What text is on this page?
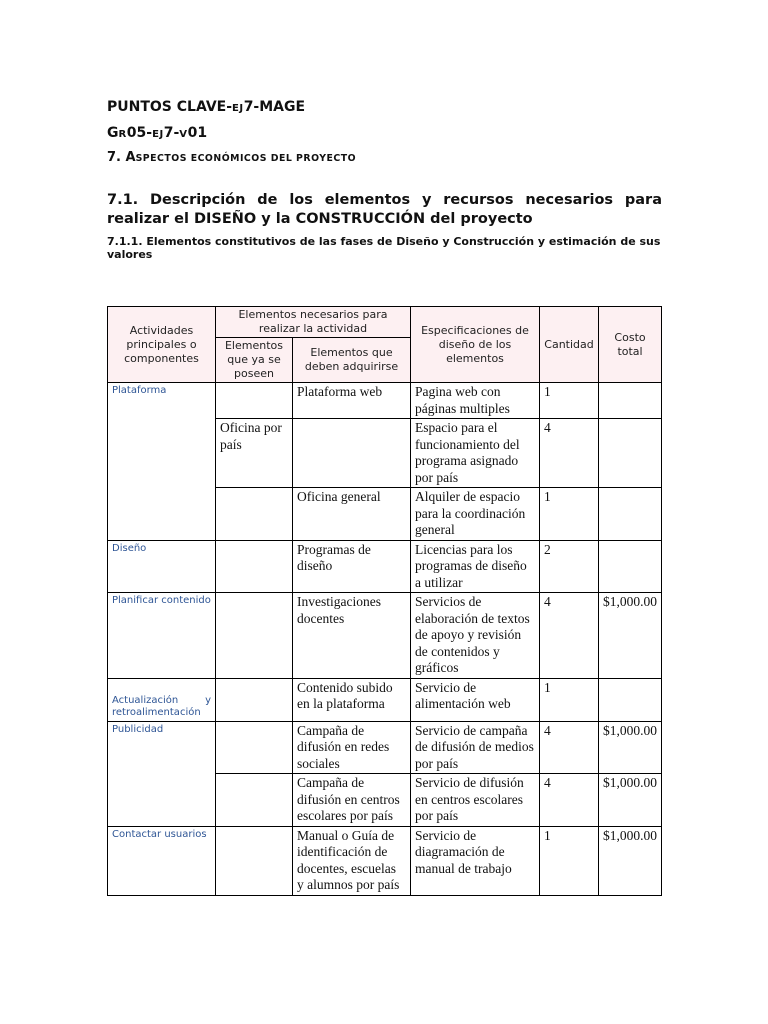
PUNTOS CLAVE-EJ7-MAGE
GR05-EJ7-V01
7. ASPECTOS ECONÓMICOS DEL PROYECTO
7.1. Descripción de los elementos y recursos necesarios para realizar el DISEÑO y la CONSTRUCCIÓN del proyecto
7.1.1. Elementos constitutivos de las fases de Diseño y Construcción y estimación de sus valores
Actividades principales o componentes	Elementos necesarios para realizar la actividad		Especificaciones de diseño de los elementos	Cantidad	Costo total
	Elementos que ya se poseen	Elementos que deben adquirirse			
Plataforma		Plataforma web	Pagina web con páginas multiples	1	
	Oficina por país		Espacio para el funcionamiento del programa asignado por país	4	
		Oficina general	Alquiler de espacio para la coordinación general	1	
Diseño		Programas de diseño	Licencias para los programas de diseño a utilizar	2	
Planificar contenido		Investigaciones docentes	Servicios de elaboración de textos de apoyo y revisión de contenidos y gráficos	4	$1,000.00

Actualización y
retroalimentación		Contenido subido en la plataforma	Servicio de alimentación web	1	
Publicidad		Campaña de difusión en redes sociales	Servicio de campaña de difusión de medios por país	4	$1,000.00
		Campaña de difusión en centros escolares por país	Servicio de difusión en centros escolares por país	4	$1,000.00
Contactar usuarios		Manual o Guía de identificación de docentes, escuelas y alumnos por país	Servicio de diagramación de manual de trabajo	1	$1,000.00
